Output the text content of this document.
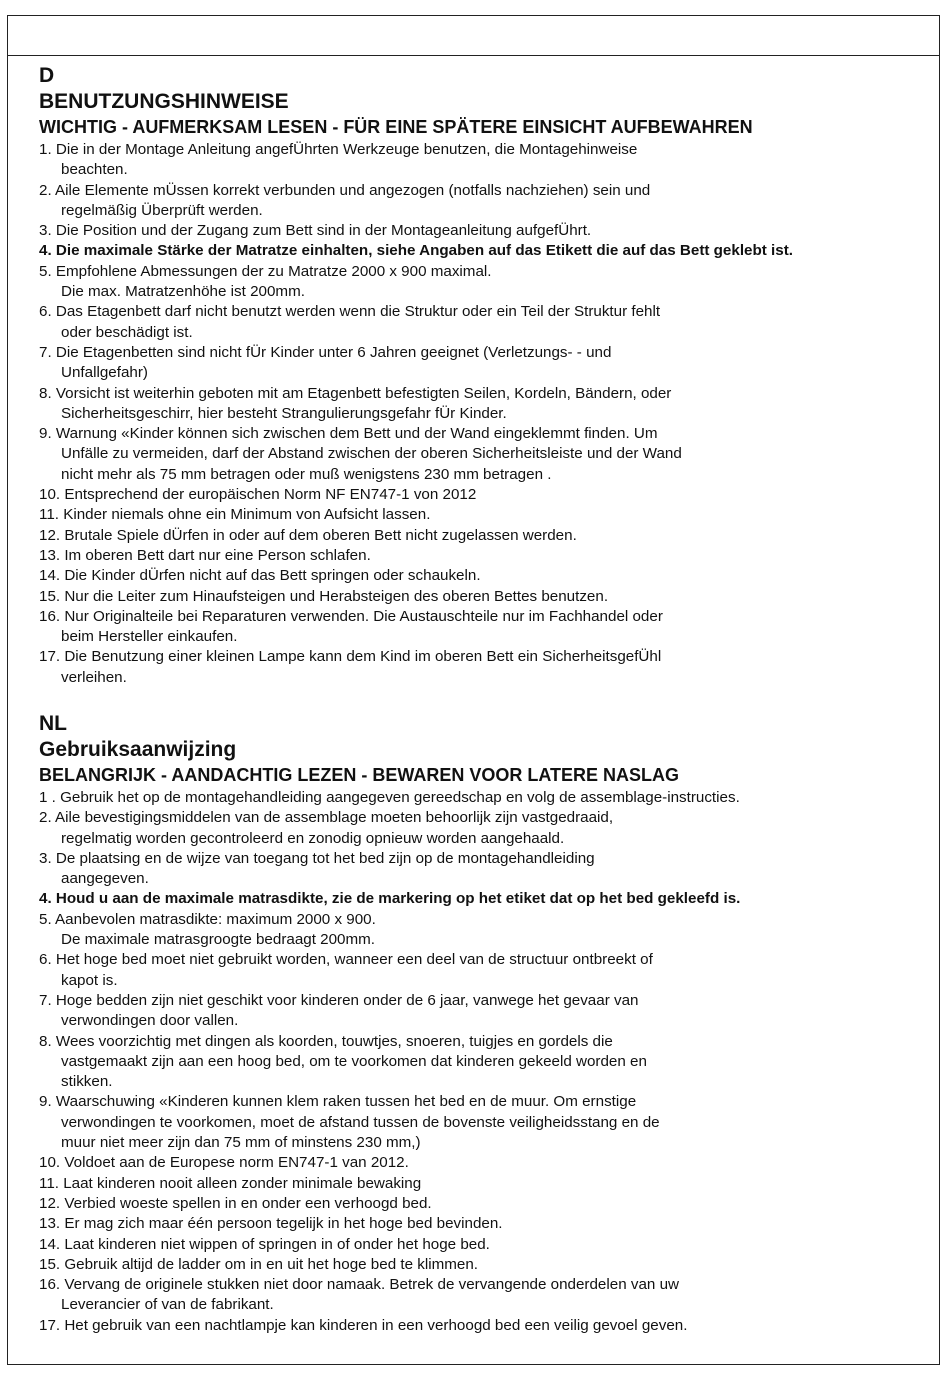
D
BENUTZUNGSHINWEISE
WICHTIG - AUFMERKSAM LESEN - FÜR EINE SPÄTERE EINSICHT AUFBEWAHREN
1. Die in der Montage Anleitung angefÜhrten Werkzeuge benutzen, die Montagehinweise
beachten.
2. Aile Elemente mÜssen korrekt verbunden und angezogen (notfalls nachziehen) sein und
regelmäßig Überprüft werden.
3. Die Position und der Zugang zum Bett sind in der Montageanleitung aufgefÜhrt.
4. Die maximale Stärke der Matratze einhalten, siehe Angaben auf das Etikett die auf das Bett geklebt ist.
5. Empfohlene Abmessungen der zu Matratze 2000 x 900 maximal.
Die max. Matratzenhöhe ist 200mm.
6. Das Etagenbett darf nicht benutzt werden wenn die Struktur oder ein Teil der Struktur fehlt
oder beschädigt ist.
7. Die Etagenbetten sind nicht fÜr Kinder unter 6 Jahren geeignet (Verletzungs- - und
Unfallgefahr)
8. Vorsicht ist weiterhin geboten mit am Etagenbett befestigten Seilen, Kordeln, Bändern, oder
Sicherheitsgeschirr, hier besteht Strangulierungsgefahr fÜr Kinder.
9. Warnung «Kinder können sich zwischen dem Bett und der Wand eingeklemmt finden. Um
Unfälle zu vermeiden, darf der Abstand zwischen der oberen Sicherheitsleiste und der Wand
nicht mehr als 75 mm betragen oder muß wenigstens 230 mm betragen .
10. Entsprechend der europäischen Norm NF EN747-1 von 2012
11. Kinder niemals ohne ein Minimum von Aufsicht lassen.
12. Brutale Spiele dÜrfen in oder auf dem oberen Bett nicht zugelassen werden.
13. Im oberen Bett dart nur eine Person schlafen.
14. Die Kinder dÜrfen nicht auf das Bett springen oder schaukeln.
15. Nur die Leiter zum Hinaufsteigen und Herabsteigen des oberen Bettes benutzen.
16. Nur Originalteile bei Reparaturen verwenden. Die Austauschteile nur im Fachhandel oder
beim Hersteller einkaufen.
17. Die Benutzung einer kleinen Lampe kann dem Kind im oberen Bett ein SicherheitsgefÜhl
verleihen.
NL
Gebruiksaanwijzing
BELANGRIJK - AANDACHTIG LEZEN - BEWAREN VOOR LATERE NASLAG
1 . Gebruik het op de montagehandleiding aangegeven gereedschap en volg de assemblage-instructies.
2. Aile bevestigingsmiddelen van de assemblage moeten behoorlijk zijn vastgedraaid,
regelmatig worden gecontroleerd en zonodig opnieuw worden aangehaald.
3. De plaatsing en de wijze van toegang tot het bed zijn op de montagehandleiding
aangegeven.
4. Houd u aan de maximale matrasdikte, zie de markering op het etiket dat op het bed gekleefd is.
5. Aanbevolen matrasdikte: maximum 2000 x 900.
De maximale matrasgroogte bedraagt 200mm.
6. Het hoge bed moet niet gebruikt worden, wanneer een deel van de structuur ontbreekt of
kapot is.
7. Hoge bedden zijn niet geschikt voor kinderen onder de 6 jaar, vanwege het gevaar van
verwondingen door vallen.
8. Wees voorzichtig met dingen als koorden, touwtjes, snoeren, tuigjes en gordels die
vastgemaakt zijn aan een hoog bed, om te voorkomen dat kinderen gekeeld worden en
stikken.
9. Waarschuwing «Kinderen kunnen klem raken tussen het bed en de muur. Om ernstige
verwondingen te voorkomen, moet de afstand tussen de bovenste veiligheidsstang en de
muur niet meer zijn dan 75 mm of minstens 230 mm,)
10. Voldoet aan de Europese norm EN747-1 van 2012.
11. Laat kinderen nooit alleen zonder minimale bewaking
12. Verbied woeste spellen in en onder een verhoogd bed.
13. Er mag zich maar één persoon tegelijk in het hoge bed bevinden.
14. Laat kinderen niet wippen of springen in of onder het hoge bed.
15. Gebruik altijd de ladder om in en uit het hoge bed te klimmen.
16. Vervang de originele stukken niet door namaak. Betrek de vervangende onderdelen van uw
Leverancier of van de fabrikant.
17. Het gebruik van een nachtlampje kan kinderen in een verhoogd bed een veilig gevoel geven.
